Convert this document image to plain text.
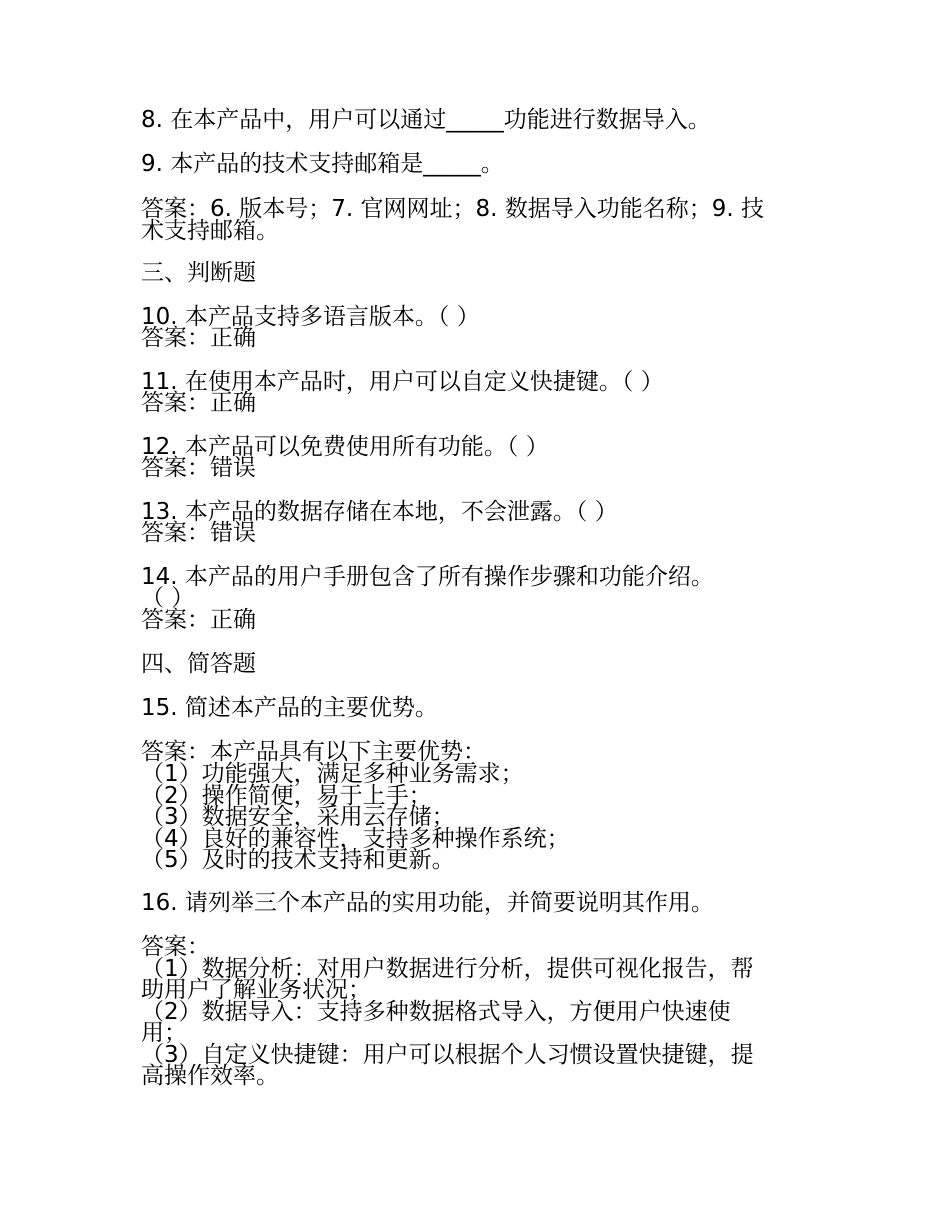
8. 在本产品中，用户可以通过_____功能进行数据导入。

9. 本产品的技术支持邮箱是_____。

答案：6. 版本号；7. 官网网址；8. 数据导入功能名称；9. 技

术支持邮箱。

三、判断题

10. 本产品支持多语言版本。（ ）

答案：正确

11. 在使用本产品时，用户可以自定义快捷键。（ ）

答案：正确

12. 本产品可以免费使用所有功能。（ ）

答案：错误

13. 本产品的数据存储在本地，不会泄露。（ ）

答案：错误

14. 本产品的用户手册包含了所有操作步骤和功能介绍。

（ ）

答案：正确

四、简答题

15. 简述本产品的主要优势。

答案：本产品具有以下主要优势：

（1）功能强大，满足多种业务需求；

（2）操作简便，易于上手；

（3）数据安全，采用云存储；

（4）良好的兼容性，支持多种操作系统；

（5）及时的技术支持和更新。

16. 请列举三个本产品的实用功能，并简要说明其作用。

答案：

（1）数据分析：对用户数据进行分析，提供可视化报告，帮

助用户了解业务状况；

（2）数据导入：支持多种数据格式导入，方便用户快速使

用；

（3）自定义快捷键：用户可以根据个人习惯设置快捷键，提

高操作效率。
